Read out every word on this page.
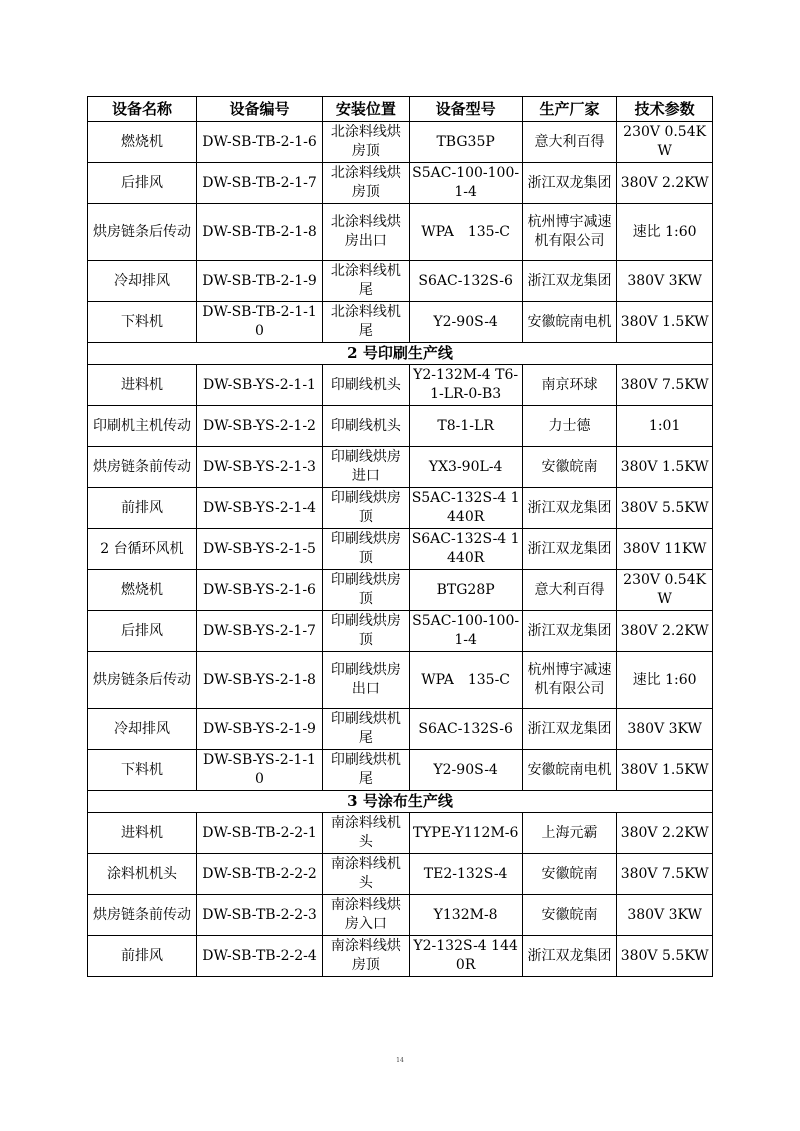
设备名称	设备编号	安装位置	设备型号	生产厂家	技术参数
燃烧机	DW-SB-TB-2-1-6	北涂料线烘房顶	TBG35P	意大利百得	230V 0.54KW
后排风	DW-SB-TB-2-1-7	北涂料线烘房顶	S5AC-100-100-1-4	浙江双龙集团	380V 2.2KW
烘房链条后传动	DW-SB-TB-2-1-8	北涂料线烘房出口	WPA　135-C	杭州博宇减速机有限公司	速比 1:60
冷却排风	DW-SB-TB-2-1-9	北涂料线机尾	S6AC-132S-6	浙江双龙集团	380V 3KW
下料机	DW-SB-TB-2-1-10	北涂料线机尾	Y2-90S-4	安徽皖南电机	380V 1.5KW
2 号印刷生产线					
进料机	DW-SB-YS-2-1-1	印刷线机头	Y2-132M-4 T6-1-LR-0-B3	南京环球	380V 7.5KW
印刷机主机传动	DW-SB-YS-2-1-2	印刷线机头	T8-1-LR	力士德	1:01
烘房链条前传动	DW-SB-YS-2-1-3	印刷线烘房进口	YX3-90L-4	安徽皖南	380V 1.5KW
前排风	DW-SB-YS-2-1-4	印刷线烘房顶	S5AC-132S-4 1440R	浙江双龙集团	380V 5.5KW
2 台循环风机	DW-SB-YS-2-1-5	印刷线烘房顶	S6AC-132S-4 1440R	浙江双龙集团	380V 11KW
燃烧机	DW-SB-YS-2-1-6	印刷线烘房顶	BTG28P	意大利百得	230V 0.54KW
后排风	DW-SB-YS-2-1-7	印刷线烘房顶	S5AC-100-100-1-4	浙江双龙集团	380V 2.2KW
烘房链条后传动	DW-SB-YS-2-1-8	印刷线烘房出口	WPA　135-C	杭州博宇减速机有限公司	速比 1:60
冷却排风	DW-SB-YS-2-1-9	印刷线烘机尾	S6AC-132S-6	浙江双龙集团	380V 3KW
下料机	DW-SB-YS-2-1-10	印刷线烘机尾	Y2-90S-4	安徽皖南电机	380V 1.5KW
3 号涂布生产线					
进料机	DW-SB-TB-2-2-1	南涂料线机头	TYPE-Y112M-6	上海元霸	380V 2.2KW
涂料机机头	DW-SB-TB-2-2-2	南涂料线机头	TE2-132S-4	安徽皖南	380V 7.5KW
烘房链条前传动	DW-SB-TB-2-2-3	南涂料线烘房入口	Y132M-8	安徽皖南	380V 3KW
前排风	DW-SB-TB-2-2-4	南涂料线烘房顶	Y2-132S-4 1440R	浙江双龙集团	380V 5.5KW
14
